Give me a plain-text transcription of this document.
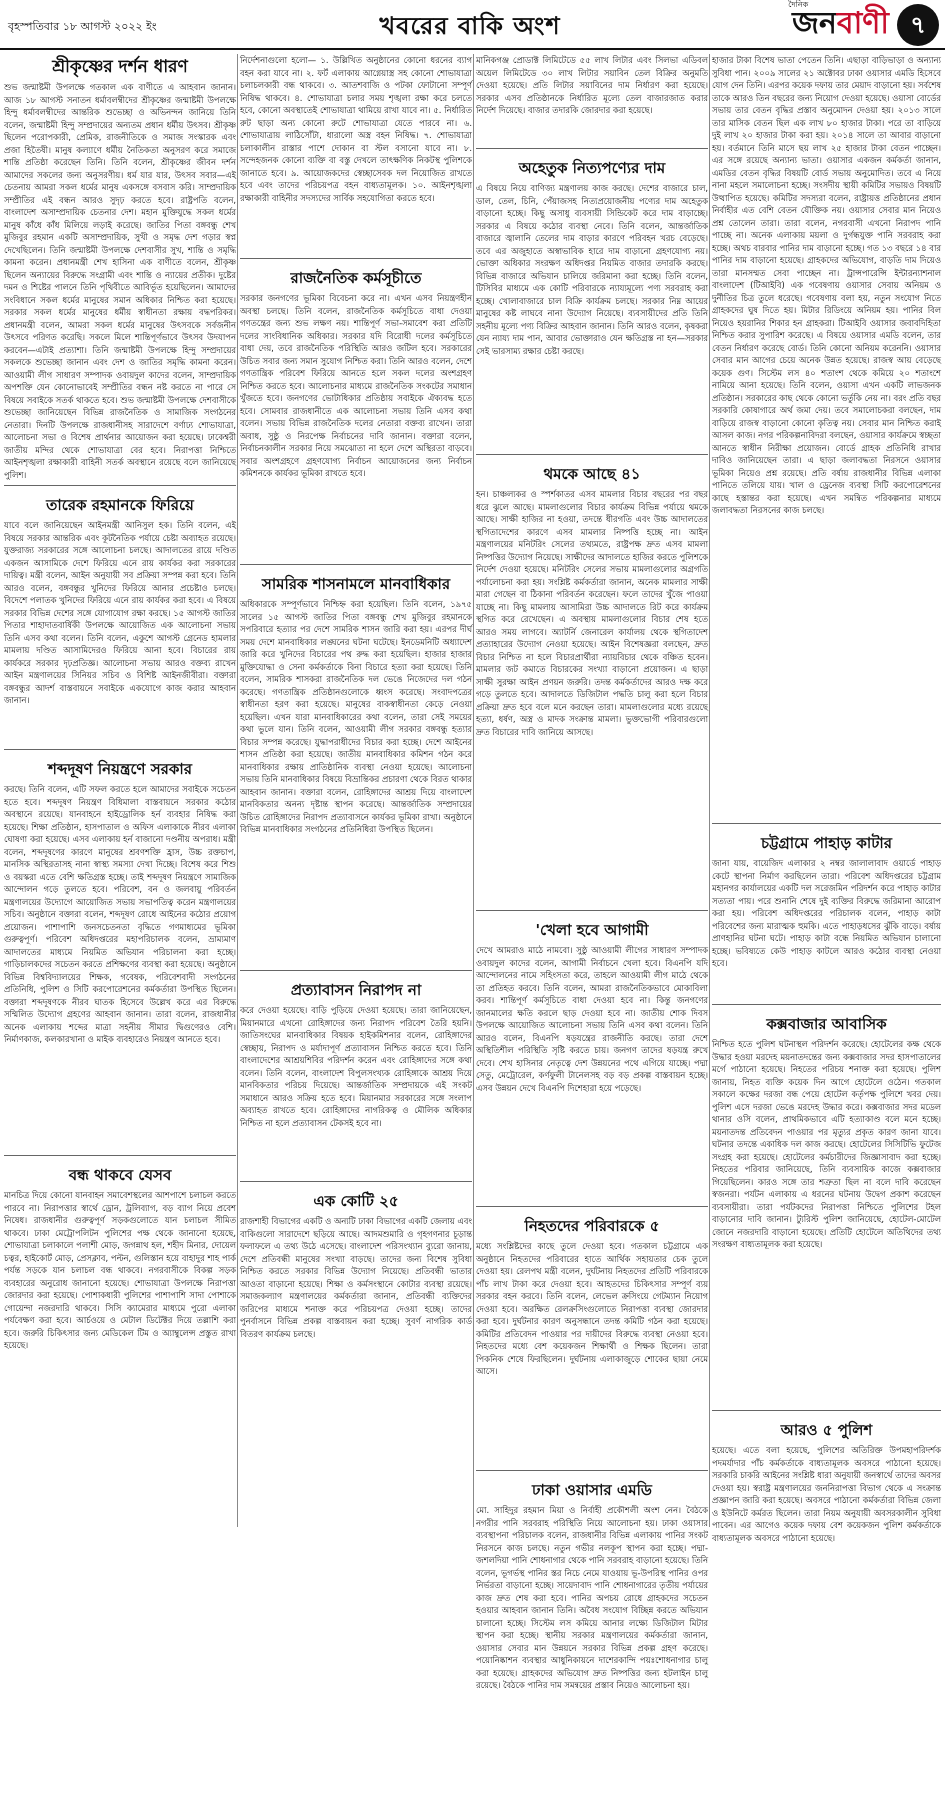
বৃহস্পতিবার ১৮ আগস্ট ২০২২ ইং	খবরের বাকি অংশ
দৈনিক
জনবাণী ৭
শ্রীকৃষ্ণের দর্শন ধারণ
শুভ জন্মাষ্টমী উপলক্ষে গতকাল এক বাণীতে এ আহবান জানান। আজ ১৮ আগস্ট সনাতন ধর্মাবলম্বীদের শ্রীকৃষ্ণের জন্মাষ্টমী উপলক্ষে হিন্দু ধর্মাবলম্বীদের আন্তরিক শুভেচ্ছা ও অভিনন্দন জানিয়ে তিনি বলেন, জন্মাষ্টমী হিন্দু সম্প্রদায়ের অন্যতম প্রধান ধর্মীয় উৎসব। শ্রীকৃষ্ণ ছিলেন পরোপকারী, প্রেমিক, রাজনীতিকে ও সমাজ সংস্কারক এবং প্রজা হিতৈষী। মানুষ কল্যাণে ধর্মীয় নৈতিকতা অনুসরণ করে সমাজে শান্তি প্রতিষ্ঠা করেছেন তিনি। তিনি বলেন, শ্রীকৃষ্ণের জীবন দর্শন আমাদের সকলের জন্য অনুসরণীয়। ধর্ম যার যার, উৎসব সবার—এই চেতনায় আমরা সকল ধর্মের মানুষ একসঙ্গে বসবাস করি। সাম্প্রদায়িক সম্প্রীতির এই বন্ধন আরও সুদৃঢ় করতে হবে। রাষ্ট্রপতি বলেন, বাংলাদেশ অসাম্প্রদায়িক চেতনার দেশ। মহান মুক্তিযুদ্ধে সকল ধর্মের মানুষ কাঁধে কাঁধ মিলিয়ে লড়াই করেছে। জাতির পিতা বঙ্গবন্ধু শেখ মুজিবুর রহমান একটি অসাম্প্রদায়িক, সুখী ও সমৃদ্ধ দেশ গড়ার স্বপ্ন দেখেছিলেন। তিনি জন্মাষ্টমী উপলক্ষে দেশবাসীর সুখ, শান্তি ও সমৃদ্ধি কামনা করেন। প্রধানমন্ত্রী শেখ হাসিনা এক বাণীতে বলেন, শ্রীকৃষ্ণ ছিলেন অন্যায়ের বিরুদ্ধে সংগ্রামী এবং শান্তি ও ন্যায়ের প্রতীক। দুষ্টের দমন ও শিষ্টের পালনে তিনি পৃথিবীতে আবির্ভূত হয়েছিলেন। আমাদের সংবিধানে সকল ধর্মের মানুষের সমান অধিকার নিশ্চিত করা হয়েছে। সরকার সকল ধর্মের মানুষের ধর্মীয় স্বাধীনতা রক্ষায় বদ্ধপরিকর। প্রধানমন্ত্রী বলেন, আমরা সকল ধর্মের মানুষের উৎসবকে সর্বজনীন উৎসবে পরিণত করেছি। সকলে মিলে শান্তিপূর্ণভাবে উৎসব উদযাপন করবেন—এটাই প্রত্যাশা। তিনি জন্মাষ্টমী উপলক্ষে হিন্দু সম্প্রদায়ের সকলকে শুভেচ্ছা জানান এবং দেশ ও জাতির সমৃদ্ধি কামনা করেন। আওয়ামী লীগ সাধারণ সম্পাদক ওবায়দুল কাদের বলেন, সাম্প্রদায়িক অপশক্তি যেন কোনোভাবেই সম্প্রীতির বন্ধন নষ্ট করতে না পারে সে বিষয়ে সবাইকে সতর্ক থাকতে হবে। শুভ জন্মাষ্টমী উপলক্ষে দেশবাসীকে শুভেচ্ছা জানিয়েছেন বিভিন্ন রাজনৈতিক ও সামাজিক সংগঠনের নেতারা। দিনটি উপলক্ষে রাজধানীসহ সারাদেশে বর্ণাঢ্য শোভাযাত্রা, আলোচনা সভা ও বিশেষ প্রার্থনার আয়োজন করা হয়েছে। ঢাকেশ্বরী জাতীয় মন্দির থেকে শোভাযাত্রা বের হবে। নিরাপত্তা নিশ্চিতে আইনশৃঙ্খলা রক্ষাকারী বাহিনী সতর্ক অবস্থানে রয়েছে বলে জানিয়েছে পুলিশ।
তারেক রহমানকে ফিরিয়ে
যাবে বলে জানিয়েছেন আইনমন্ত্রী আনিসুল হক। তিনি বলেন, এই বিষয়ে সরকার আন্তরিক এবং কূটনৈতিক পর্যায়ে চেষ্টা অব্যাহত রয়েছে। যুক্তরাজ্য সরকারের সঙ্গে আলোচনা চলছে। আদালতের রায়ে দণ্ডিত একজন আসামিকে দেশে ফিরিয়ে এনে রায় কার্যকর করা সরকারের দায়িত্ব। মন্ত্রী বলেন, আইন অনুযায়ী সব প্রক্রিয়া সম্পন্ন করা হবে। তিনি আরও বলেন, বঙ্গবন্ধুর খুনিদের ফিরিয়ে আনার প্রচেষ্টাও চলছে। বিদেশে পলাতক খুনিদের ফিরিয়ে এনে রায় কার্যকর করা হবে। এ বিষয়ে সরকার বিভিন্ন দেশের সঙ্গে যোগাযোগ রক্ষা করছে। ১৫ আগস্ট জাতির পিতার শাহাদাতবার্ষিকী উপলক্ষে আয়োজিত এক আলোচনা সভায় তিনি এসব কথা বলেন। তিনি বলেন, একুশে আগস্ট গ্রেনেড হামলার মামলায় দণ্ডিত আসামিদেরও ফিরিয়ে আনা হবে। বিচারের রায় কার্যকরে সরকার দৃঢ়প্রতিজ্ঞ। আলোচনা সভায় আরও বক্তব্য রাখেন আইন মন্ত্রণালয়ের সিনিয়র সচিব ও বিশিষ্ট আইনজীবীরা। বক্তারা বঙ্গবন্ধুর আদর্শ বাস্তবায়নে সবাইকে একযোগে কাজ করার আহবান জানান।
শব্দদূষণ নিয়ন্ত্রণে সরকার
করছে। তিনি বলেন, এটি সফল করতে হলে আমাদের সবাইকে সচেতন হতে হবে। শব্দদূষণ নিয়ন্ত্রণ বিধিমালা বাস্তবায়নে সরকার কঠোর অবস্থানে রয়েছে। যানবাহনে হাইড্রোলিক হর্ন ব্যবহার নিষিদ্ধ করা হয়েছে। শিক্ষা প্রতিষ্ঠান, হাসপাতাল ও অফিস এলাকাকে নীরব এলাকা ঘোষণা করা হয়েছে। এসব এলাকায় হর্ন বাজানো দণ্ডনীয় অপরাধ। মন্ত্রী বলেন, শব্দদূষণের কারণে মানুষের শ্রবণশক্তি হ্রাস, উচ্চ রক্তচাপ, মানসিক অস্থিরতাসহ নানা স্বাস্থ্য সমস্যা দেখা দিচ্ছে। বিশেষ করে শিশু ও বয়স্করা এতে বেশি ক্ষতিগ্রস্ত হচ্ছে। তাই শব্দদূষণ নিয়ন্ত্রণে সামাজিক আন্দোলন গড়ে তুলতে হবে। পরিবেশ, বন ও জলবায়ু পরিবর্তন মন্ত্রণালয়ের উদ্যোগে আয়োজিত সভায় সভাপতিত্ব করেন মন্ত্রণালয়ের সচিব। অনুষ্ঠানে বক্তারা বলেন, শব্দদূষণ রোধে আইনের কঠোর প্রয়োগ প্রয়োজন। পাশাপাশি জনসচেতনতা বৃদ্ধিতে গণমাধ্যমের ভূমিকা গুরুত্বপূর্ণ। পরিবেশ অধিদপ্তরের মহাপরিচালক বলেন, ভ্রাম্যমাণ আদালতের মাধ্যমে নিয়মিত অভিযান পরিচালনা করা হচ্ছে। গাড়িচালকদের সচেতন করতে প্রশিক্ষণের ব্যবস্থা করা হয়েছে। অনুষ্ঠানে বিভিন্ন বিশ্ববিদ্যালয়ের শিক্ষক, গবেষক, পরিবেশবাদী সংগঠনের প্রতিনিধি, পুলিশ ও সিটি করপোরেশনের কর্মকর্তারা উপস্থিত ছিলেন। বক্তারা শব্দদূষণকে নীরব ঘাতক হিসেবে উল্লেখ করে এর বিরুদ্ধে সম্মিলিত উদ্যোগ গ্রহণের আহবান জানান। তারা বলেন, রাজধানীর অনেক এলাকায় শব্দের মাত্রা সহনীয় সীমার দ্বিগুণেরও বেশি। নির্মাণকাজ, কলকারখানা ও মাইক ব্যবহারেও নিয়ন্ত্রণ আনতে হবে।
বন্ধ থাকবে যেসব
মানচিত্র দিয়ে কোনো যানবাহন সমাবেশস্থলের আশপাশে চলাচল করতে পারবে না। নিরাপত্তার স্বার্থে ড্রোন, ট্রলিব্যাগ, বড় ব্যাগ নিয়ে প্রবেশ নিষেধ। রাজধানীর গুরুত্বপূর্ণ সড়কগুলোতে যান চলাচল সীমিত থাকবে। ঢাকা মেট্রোপলিটন পুলিশের পক্ষ থেকে জানানো হয়েছে, শোভাযাত্রা চলাকালে পলাশী মোড়, জগন্নাথ হল, শহীদ মিনার, দোয়েল চত্বর, হাইকোর্ট মোড়, প্রেসক্লাব, পল্টন, গুলিস্তান হয়ে বাহাদুর শাহ পার্ক পর্যন্ত সড়কে যান চলাচল বন্ধ থাকবে। নগরবাসীকে বিকল্প সড়ক ব্যবহারের অনুরোধ জানানো হয়েছে। শোভাযাত্রা উপলক্ষে নিরাপত্তা জোরদার করা হয়েছে। পোশাকধারী পুলিশের পাশাপাশি সাদা পোশাকে গোয়েন্দা নজরদারি থাকবে। সিসি ক্যামেরার মাধ্যমে পুরো এলাকা পর্যবেক্ষণ করা হবে। আর্চওয়ে ও মেটাল ডিটেক্টর দিয়ে তল্লাশি করা হবে। জরুরি চিকিৎসার জন্য মেডিকেল টিম ও অ্যাম্বুলেন্স প্রস্তুত রাখা হয়েছে।
নির্দেশনাগুলো হলো— ১. উল্লিখিত অনুষ্ঠানের কোনো ধরনের ব্যাগ বহন করা যাবে না। ২. ফর্ট এলাকায় আগ্নেয়াস্ত্র সহ কোনো শোভাযাত্রা চলাচলকারী বন্ধ থাকবে। ৩. আতশবাজি ও পটকা ফোটানো সম্পূর্ণ নিষিদ্ধ থাকবে। ৪. শোভাযাত্রা চলার সময় শৃঙ্খলা রক্ষা করে চলতে হবে, কোনো অবস্থাতেই শোভাযাত্রা থামিয়ে রাখা যাবে না। ৫. নির্ধারিত রুট ছাড়া অন্য কোনো রুটে শোভাযাত্রা যেতে পারবে না। ৬. শোভাযাত্রায় লাঠিসোঁটা, ধারালো অস্ত্র বহন নিষিদ্ধ। ৭. শোভাযাত্রা চলাকালীন রাস্তার পাশে দোকান বা স্টল বসানো যাবে না। ৮. সন্দেহজনক কোনো ব্যক্তি বা বস্তু দেখলে তাৎক্ষণিক নিকটস্থ পুলিশকে জানাতে হবে। ৯. আয়োজকদের স্বেচ্ছাসেবক দল নিয়োজিত রাখতে হবে এবং তাদের পরিচয়পত্র বহন বাধ্যতামূলক। ১০. আইনশৃঙ্খলা রক্ষাকারী বাহিনীর সদস্যদের সার্বিক সহযোগিতা করতে হবে।
রাজনৈতিক কর্মসূচীতে
সরকার জনগণের ভূমিকা বিবেচনা করে না। এখন এসব নিয়ন্ত্রণহীন অবস্থা চলছে। তিনি বলেন, রাজনৈতিক কর্মসূচিতে বাধা দেওয়া গণতন্ত্রের জন্য শুভ লক্ষণ নয়। শান্তিপূর্ণ সভা-সমাবেশ করা প্রতিটি দলের সাংবিধানিক অধিকার। সরকার যদি বিরোধী দলের কর্মসূচিতে বাধা দেয়, তবে রাজনৈতিক পরিস্থিতি আরও জটিল হবে। সরকারের উচিত সবার জন্য সমান সুযোগ নিশ্চিত করা। তিনি আরও বলেন, দেশে গণতান্ত্রিক পরিবেশ ফিরিয়ে আনতে হলে সকল দলের অংশগ্রহণ নিশ্চিত করতে হবে। আলোচনার মাধ্যমে রাজনৈতিক সংকটের সমাধান খুঁজতে হবে। জনগণের ভোটাধিকার প্রতিষ্ঠায় সবাইকে ঐক্যবদ্ধ হতে হবে। সোমবার রাজধানীতে এক আলোচনা সভায় তিনি এসব কথা বলেন। সভায় বিভিন্ন রাজনৈতিক দলের নেতারা বক্তব্য রাখেন। তারা অবাধ, সুষ্ঠু ও নিরপেক্ষ নির্বাচনের দাবি জানান। বক্তারা বলেন, নির্বাচনকালীন সরকার নিয়ে সমঝোতা না হলে দেশে অস্থিরতা বাড়বে। সবার অংশগ্রহণে গ্রহণযোগ্য নির্বাচন আয়োজনের জন্য নির্বাচন কমিশনকে কার্যকর ভূমিকা রাখতে হবে।
সামরিক শাসনামলে মানবাধিকার
অধিকারকে সম্পূর্ণভাবে নিশ্চিহ্ন করা হয়েছিল। তিনি বলেন, ১৯৭৫ সালের ১৫ আগস্ট জাতির পিতা বঙ্গবন্ধু শেখ মুজিবুর রহমানকে সপরিবারে হত্যার পর দেশে সামরিক শাসন জারি করা হয়। এরপর দীর্ঘ সময় দেশে মানবাধিকার লঙ্ঘনের ঘটনা ঘটেছে। ইনডেমনিটি অধ্যাদেশ জারি করে খুনিদের বিচারের পথ রুদ্ধ করা হয়েছিল। হাজার হাজার মুক্তিযোদ্ধা ও সেনা কর্মকর্তাকে বিনা বিচারে হত্যা করা হয়েছে। তিনি বলেন, সামরিক শাসকরা রাজনৈতিক দল ভেঙে নিজেদের দল গঠন করেছে। গণতান্ত্রিক প্রতিষ্ঠানগুলোকে ধ্বংস করেছে। সংবাদপত্রের স্বাধীনতা হরণ করা হয়েছে। মানুষের বাকস্বাধীনতা কেড়ে নেওয়া হয়েছিল। এখন যারা মানবাধিকারের কথা বলেন, তারা সেই সময়ের কথা ভুলে যান। তিনি বলেন, আওয়ামী লীগ সরকার বঙ্গবন্ধু হত্যার বিচার সম্পন্ন করেছে। যুদ্ধাপরাধীদের বিচার করা হচ্ছে। দেশে আইনের শাসন প্রতিষ্ঠা করা হয়েছে। জাতীয় মানবাধিকার কমিশন গঠন করে মানবাধিকার রক্ষায় প্রাতিষ্ঠানিক ব্যবস্থা নেওয়া হয়েছে। আলোচনা সভায় তিনি মানবাধিকার বিষয়ে বিভ্রান্তিকর প্রচারণা থেকে বিরত থাকার আহবান জানান। বক্তারা বলেন, রোহিঙ্গাদের আশ্রয় দিয়ে বাংলাদেশ মানবিকতার অনন্য দৃষ্টান্ত স্থাপন করেছে। আন্তর্জাতিক সম্প্রদায়ের উচিত রোহিঙ্গাদের নিরাপদ প্রত্যাবাসনে কার্যকর ভূমিকা রাখা। অনুষ্ঠানে বিভিন্ন মানবাধিকার সংগঠনের প্রতিনিধিরা উপস্থিত ছিলেন।
প্রত্যাবাসন নিরাপদ না
করে দেওয়া হয়েছে। বাড়ি পুড়িয়ে দেওয়া হয়েছে। তারা জানিয়েছেন, মিয়ানমারে এখনো রোহিঙ্গাদের জন্য নিরাপদ পরিবেশ তৈরি হয়নি। জাতিসংঘের মানবাধিকার বিষয়ক হাইকমিশনার বলেন, রোহিঙ্গাদের স্বেচ্ছায়, নিরাপদ ও মর্যাদাপূর্ণ প্রত্যাবাসন নিশ্চিত করতে হবে। তিনি বাংলাদেশের আশ্রয়শিবির পরিদর্শন করেন এবং রোহিঙ্গাদের সঙ্গে কথা বলেন। তিনি বলেন, বাংলাদেশ বিপুলসংখ্যক রোহিঙ্গাকে আশ্রয় দিয়ে মানবিকতার পরিচয় দিয়েছে। আন্তর্জাতিক সম্প্রদায়কে এই সংকট সমাধানে আরও সক্রিয় হতে হবে। মিয়ানমার সরকারের সঙ্গে সংলাপ অব্যাহত রাখতে হবে। রোহিঙ্গাদের নাগরিকত্ব ও মৌলিক অধিকার নিশ্চিত না হলে প্রত্যাবাসন টেকসই হবে না।
এক কোটি ২৫
রাজশাহী বিভাগের একটি ও অন্যটি ঢাকা বিভাগের একটি জেলায় এবং বাকিগুলো সারাদেশে ছড়িয়ে আছে। আদমশুমারি ও গৃহগণনার চূড়ান্ত ফলাফলে এ তথ্য উঠে এসেছে। বাংলাদেশ পরিসংখ্যান ব্যুরো জানায়, দেশে প্রতিবন্ধী মানুষের সংখ্যা বাড়ছে। তাদের জন্য বিশেষ সুবিধা নিশ্চিত করতে সরকার বিভিন্ন উদ্যোগ নিয়েছে। প্রতিবন্ধী ভাতার আওতা বাড়ানো হয়েছে। শিক্ষা ও কর্মসংস্থানে কোটার ব্যবস্থা রয়েছে। সমাজকল্যাণ মন্ত্রণালয়ের কর্মকর্তারা জানান, প্রতিবন্ধী ব্যক্তিদের জরিপের মাধ্যমে শনাক্ত করে পরিচয়পত্র দেওয়া হচ্ছে। তাদের পুনর্বাসনে বিভিন্ন প্রকল্প বাস্তবায়ন করা হচ্ছে। সুবর্ণ নাগরিক কার্ড বিতরণ কার্যক্রম চলছে।
মানিকগঞ্জ প্রোডাক্ট লিমিটেডে ৫৫ লাখ লিটার এবং সিলভা এডিবল অয়েল লিমিটেডে ৩০ লাখ লিটার সয়াবিন তেল বিক্রির অনুমতি দেওয়া হয়েছে। প্রতি লিটার সয়াবিনের দাম নির্ধারণ করা হয়েছে। সরকার এসব প্রতিষ্ঠানকে নির্ধারিত মূল্যে তেল বাজারজাত করার নির্দেশ দিয়েছে। বাজার তদারকি জোরদার করা হয়েছে।
অহেতুক নিত্যপণ্যের দাম
এ বিষয়ে নিয়ে বাণিজ্য মন্ত্রণালয় কাজ করছে। দেশের বাজারে চাল, ডাল, তেল, চিনি, পেঁয়াজসহ নিত্যপ্রয়োজনীয় পণ্যের দাম অহেতুক বাড়ানো হচ্ছে। কিছু অসাধু ব্যবসায়ী সিন্ডিকেট করে দাম বাড়াচ্ছে। সরকার এ বিষয়ে কঠোর ব্যবস্থা নেবে। তিনি বলেন, আন্তর্জাতিক বাজারে জ্বালানি তেলের দাম বাড়ার কারণে পরিবহন খরচ বেড়েছে। তবে এর অজুহাতে অস্বাভাবিক হারে দাম বাড়ানো গ্রহণযোগ্য নয়। ভোক্তা অধিকার সংরক্ষণ অধিদপ্তর নিয়মিত বাজার তদারকি করছে। বিভিন্ন বাজারে অভিযান চালিয়ে জরিমানা করা হচ্ছে। তিনি বলেন, টিসিবির মাধ্যমে এক কোটি পরিবারকে ন্যায্যমূল্যে পণ্য সরবরাহ করা হচ্ছে। খোলাবাজারে চাল বিক্রি কার্যক্রম চলছে। সরকার নিম্ন আয়ের মানুষের কষ্ট লাঘবে নানা উদ্যোগ নিয়েছে। ব্যবসায়ীদের প্রতি তিনি সহনীয় মূল্যে পণ্য বিক্রির আহবান জানান। তিনি আরও বলেন, কৃষকরা যেন ন্যায্য দাম পান, আবার ভোক্তারাও যেন ক্ষতিগ্রস্ত না হন—সরকার সেই ভারসাম্য রক্ষার চেষ্টা করছে।
থমকে আছে ৪১
হন। চাঞ্চল্যকর ও স্পর্শকাতর এসব মামলার বিচার বছরের পর বছর ধরে ঝুলে আছে। মামলাগুলোর বিচার কার্যক্রম বিভিন্ন পর্যায়ে থমকে আছে। সাক্ষী হাজির না হওয়া, তদন্তে ধীরগতি এবং উচ্চ আদালতের স্থগিতাদেশের কারণে এসব মামলার নিষ্পত্তি হচ্ছে না। আইন মন্ত্রণালয়ের মনিটরিং সেলের তথ্যমতে, রাষ্ট্রপক্ষ দ্রুত এসব মামলা নিষ্পত্তির উদ্যোগ নিয়েছে। সাক্ষীদের আদালতে হাজির করতে পুলিশকে নির্দেশ দেওয়া হয়েছে। মনিটরিং সেলের সভায় মামলাগুলোর অগ্রগতি পর্যালোচনা করা হয়। সংশ্লিষ্ট কর্মকর্তারা জানান, অনেক মামলার সাক্ষী মারা গেছেন বা ঠিকানা পরিবর্তন করেছেন। ফলে তাদের খুঁজে পাওয়া যাচ্ছে না। কিছু মামলায় আসামিরা উচ্চ আদালতে রিট করে কার্যক্রম স্থগিত করে রেখেছেন। এ অবস্থায় মামলাগুলোর বিচার শেষ হতে আরও সময় লাগবে। অ্যাটর্নি জেনারেল কার্যালয় থেকে স্থগিতাদেশ প্রত্যাহারের উদ্যোগ নেওয়া হয়েছে। আইন বিশেষজ্ঞরা বলছেন, দ্রুত বিচার নিশ্চিত না হলে বিচারপ্রার্থীরা ন্যায়বিচার থেকে বঞ্চিত হবেন। মামলার জট কমাতে বিচারকের সংখ্যা বাড়ানো প্রয়োজন। এ ছাড়া সাক্ষী সুরক্ষা আইন প্রণয়ন জরুরি। তদন্ত কর্মকর্তাদের আরও দক্ষ করে গড়ে তুলতে হবে। আদালতে ডিজিটাল পদ্ধতি চালু করা হলে বিচার প্রক্রিয়া দ্রুত হবে বলে মনে করছেন তারা। মামলাগুলোর মধ্যে রয়েছে হত্যা, ধর্ষণ, অস্ত্র ও মাদক সংক্রান্ত মামলা। ভুক্তভোগী পরিবারগুলো দ্রুত বিচারের দাবি জানিয়ে আসছে।
'খেলা হবে আগামী
দেখে আমরাও মাঠে নামবো। সুষ্ঠু আওয়ামী লীগের সাধারণ সম্পাদক ওবায়দুল কাদের বলেন, আগামী নির্বাচনে খেলা হবে। বিএনপি যদি আন্দোলনের নামে সহিংসতা করে, তাহলে আওয়ামী লীগ মাঠে থেকে তা প্রতিহত করবে। তিনি বলেন, আমরা রাজনৈতিকভাবে মোকাবিলা করব। শান্তিপূর্ণ কর্মসূচিতে বাধা দেওয়া হবে না। কিন্তু জনগণের জানমালের ক্ষতি করলে ছাড় দেওয়া হবে না। জাতীয় শোক দিবস উপলক্ষে আয়োজিত আলোচনা সভায় তিনি এসব কথা বলেন। তিনি আরও বলেন, বিএনপি ষড়যন্ত্রের রাজনীতি করছে। তারা দেশে অস্থিতিশীল পরিস্থিতি সৃষ্টি করতে চায়। জনগণ তাদের ষড়যন্ত্র রুখে দেবে। শেখ হাসিনার নেতৃত্বে দেশ উন্নয়নের পথে এগিয়ে যাচ্ছে। পদ্মা সেতু, মেট্রোরেল, কর্ণফুলী টানেলসহ বড় বড় প্রকল্প বাস্তবায়ন হচ্ছে। এসব উন্নয়ন দেখে বিএনপি দিশেহারা হয়ে পড়েছে।
নিহতদের পরিবারকে ৫
মধ্যে সংশ্লিষ্টদের কাছে তুলে দেওয়া হবে। গতকাল চট্টগ্রামে এক অনুষ্ঠানে নিহতদের পরিবারের হাতে আর্থিক সহায়তার চেক তুলে দেওয়া হয়। রেলপথ মন্ত্রী বলেন, দুর্ঘটনায় নিহতদের প্রতিটি পরিবারকে পাঁচ লাখ টাকা করে দেওয়া হবে। আহতদের চিকিৎসার সম্পূর্ণ ব্যয় সরকার বহন করবে। তিনি বলেন, লেভেল ক্রসিংয়ে গেটম্যান নিয়োগ দেওয়া হবে। অরক্ষিত রেলক্রসিংগুলোতে নিরাপত্তা ব্যবস্থা জোরদার করা হবে। দুর্ঘটনার কারণ অনুসন্ধানে তদন্ত কমিটি গঠন করা হয়েছে। কমিটির প্রতিবেদন পাওয়ার পর দায়ীদের বিরুদ্ধে ব্যবস্থা নেওয়া হবে। নিহতদের মধ্যে বেশ কয়েকজন শিক্ষার্থী ও শিক্ষক ছিলেন। তারা পিকনিক শেষে ফিরছিলেন। দুর্ঘটনায় এলাকাজুড়ে শোকের ছায়া নেমে আসে।
ঢাকা ওয়াসার এমডি
মো. সাহিদুর রহমান মিয়া ও নির্বাহী প্রকৌশলী অংশ নেন। বৈঠকে নগরীর পানি সরবরাহ পরিস্থিতি নিয়ে আলোচনা হয়। ঢাকা ওয়াসার ব্যবস্থাপনা পরিচালক বলেন, রাজধানীর বিভিন্ন এলাকায় পানির সংকট নিরসনে কাজ চলছে। নতুন গভীর নলকূপ স্থাপন করা হচ্ছে। পদ্মা-জশলদিয়া পানি শোধনাগার থেকে পানি সরবরাহ বাড়ানো হয়েছে। তিনি বলেন, ভূগর্ভস্থ পানির স্তর নিচে নেমে যাওয়ায় ভূ-উপরিস্থ পানির ওপর নির্ভরতা বাড়ানো হচ্ছে। সায়েদাবাদ পানি শোধনাগারের তৃতীয় পর্যায়ের কাজ দ্রুত শেষ করা হবে। পানির অপচয় রোধে গ্রাহকদের সচেতন হওয়ার আহবান জানান তিনি। অবৈধ সংযোগ বিচ্ছিন্ন করতে অভিযান চালানো হচ্ছে। সিস্টেম লস কমিয়ে আনার লক্ষ্যে ডিজিটাল মিটার স্থাপন করা হচ্ছে। স্থানীয় সরকার মন্ত্রণালয়ের কর্মকর্তারা জানান, ওয়াসার সেবার মান উন্নয়নে সরকার বিভিন্ন প্রকল্প গ্রহণ করেছে। পয়োনিষ্কাশন ব্যবস্থার আধুনিকায়নে দাশেরকান্দি পয়ঃশোধনাগার চালু করা হয়েছে। গ্রাহকদের অভিযোগ দ্রুত নিষ্পত্তির জন্য হটলাইন চালু রয়েছে। বৈঠকে পানির দাম সমন্বয়ের প্রস্তাব নিয়েও আলোচনা হয়।
হাজার টাকা বিশেষ ভাতা পেতেন তিনি। এছাড়া বাড়িভাড়া ও অন্যান্য সুবিধা পান। ২০০৯ সালের ২১ অক্টোবর ঢাকা ওয়াসার এমডি হিসেবে যোগ দেন তিনি। এরপর কয়েক দফায় তার মেয়াদ বাড়ানো হয়। সর্বশেষ তাকে আরও তিন বছরের জন্য নিয়োগ দেওয়া হয়েছে। ওয়াসা বোর্ডের সভায় তার বেতন বৃদ্ধির প্রস্তাব অনুমোদন দেওয়া হয়। ২০১৩ সালে তার মাসিক বেতন ছিল এক লাখ ৮০ হাজার টাকা। পরে তা বাড়িয়ে দুই লাখ ২০ হাজার টাকা করা হয়। ২০১৪ সালে তা আবার বাড়ানো হয়। বর্তমানে তিনি মাসে ছয় লাখ ২৫ হাজার টাকা বেতন পাচ্ছেন। এর সঙ্গে রয়েছে অন্যান্য ভাতা। ওয়াসার একজন কর্মকর্তা জানান, এমডির বেতন বৃদ্ধির বিষয়টি বোর্ড সভায় অনুমোদিত। তবে এ নিয়ে নানা মহলে সমালোচনা হচ্ছে। সংসদীয় স্থায়ী কমিটির সভায়ও বিষয়টি উত্থাপিত হয়েছে। কমিটির সদস্যরা বলেন, রাষ্ট্রায়ত্ত প্রতিষ্ঠানের প্রধান নির্বাহীর এত বেশি বেতন যৌক্তিক নয়। ওয়াসার সেবার মান নিয়েও প্রশ্ন তোলেন তারা। তারা বলেন, নগরবাসী এখনো নিরাপদ পানি পাচ্ছে না। অনেক এলাকায় ময়লা ও দুর্গন্ধযুক্ত পানি সরবরাহ করা হচ্ছে। অথচ বারবার পানির দাম বাড়ানো হচ্ছে। গত ১৩ বছরে ১৪ বার পানির দাম বাড়ানো হয়েছে। গ্রাহকদের অভিযোগ, বাড়তি দাম দিয়েও তারা মানসম্মত সেবা পাচ্ছেন না। ট্রান্সপারেন্সি ইন্টারন্যাশনাল বাংলাদেশ (টিআইবি) এক গবেষণায় ওয়াসার সেবায় অনিয়ম ও দুর্নীতির চিত্র তুলে ধরেছে। গবেষণায় বলা হয়, নতুন সংযোগ নিতে গ্রাহকদের ঘুষ দিতে হয়। মিটার রিডিংয়ে অনিয়ম হয়। পানির বিল নিয়েও হয়রানির শিকার হন গ্রাহকরা। টিআইবি ওয়াসার জবাবদিহিতা নিশ্চিত করার সুপারিশ করেছে। এ বিষয়ে ওয়াসার এমডি বলেন, তার বেতন নির্ধারণ করেছে বোর্ড। তিনি কোনো অনিয়ম করেননি। ওয়াসার সেবার মান আগের চেয়ে অনেক উন্নত হয়েছে। রাজস্ব আয় বেড়েছে কয়েক গুণ। সিস্টেম লস ৪০ শতাংশ থেকে কমিয়ে ২০ শতাংশে নামিয়ে আনা হয়েছে। তিনি বলেন, ওয়াসা এখন একটি লাভজনক প্রতিষ্ঠান। সরকারের কাছ থেকে কোনো ভর্তুকি নেয় না। বরং প্রতি বছর সরকারি কোষাগারে অর্থ জমা দেয়। তবে সমালোচকরা বলছেন, দাম বাড়িয়ে রাজস্ব বাড়ানো কোনো কৃতিত্ব নয়। সেবার মান নিশ্চিত করাই আসল কাজ। নগর পরিকল্পনাবিদরা বলছেন, ওয়াসার কার্যক্রমে স্বচ্ছতা আনতে স্বাধীন নিরীক্ষা প্রয়োজন। বোর্ডে গ্রাহক প্রতিনিধি রাখার দাবিও জানিয়েছেন তারা। এ ছাড়া জলাবদ্ধতা নিরসনে ওয়াসার ভূমিকা নিয়েও প্রশ্ন রয়েছে। প্রতি বর্ষায় রাজধানীর বিভিন্ন এলাকা পানিতে তলিয়ে যায়। খাল ও ড্রেনেজ ব্যবস্থা সিটি করপোরেশনের কাছে হস্তান্তর করা হয়েছে। এখন সমন্বিত পরিকল্পনার মাধ্যমে জলাবদ্ধতা নিরসনের কাজ চলছে।
চট্টগ্রামে পাহাড় কাটার
জানা যায়, বায়েজিদ এলাকার ২ নম্বর জালালাবাদ ওয়ার্ডে পাহাড় কেটে স্থাপনা নির্মাণ করছিলেন তারা। পরিবেশ অধিদপ্তরের চট্টগ্রাম মহানগর কার্যালয়ের একটি দল সরেজমিন পরিদর্শন করে পাহাড় কাটার সত্যতা পায়। পরে শুনানি শেষে দুই ব্যক্তির বিরুদ্ধে জরিমানা আরোপ করা হয়। পরিবেশ অধিদপ্তরের পরিচালক বলেন, পাহাড় কাটা পরিবেশের জন্য মারাত্মক হুমকি। এতে পাহাড়ধসের ঝুঁকি বাড়ে। বর্ষায় প্রাণহানির ঘটনা ঘটে। পাহাড় কাটা বন্ধে নিয়মিত অভিযান চালানো হচ্ছে। ভবিষ্যতে কেউ পাহাড় কাটলে আরও কঠোর ব্যবস্থা নেওয়া হবে।
কক্সবাজার আবাসিক
নিশ্চিত হতে পুলিশ ঘটনাস্থল পরিদর্শন করেছে। হোটেলের কক্ষ থেকে উদ্ধার হওয়া মরদেহ ময়নাতদন্তের জন্য কক্সবাজার সদর হাসপাতালের মর্গে পাঠানো হয়েছে। নিহতের পরিচয় শনাক্ত করা হয়েছে। পুলিশ জানায়, নিহত ব্যক্তি কয়েক দিন আগে হোটেলে ওঠেন। গতকাল সকালে কক্ষের দরজা বন্ধ পেয়ে হোটেল কর্তৃপক্ষ পুলিশে খবর দেয়। পুলিশ এসে দরজা ভেঙে মরদেহ উদ্ধার করে। কক্সবাজার সদর মডেল থানার ওসি বলেন, প্রাথমিকভাবে এটি হত্যাকাণ্ড বলে মনে হচ্ছে। ময়নাতদন্ত প্রতিবেদন পাওয়ার পর মৃত্যুর প্রকৃত কারণ জানা যাবে। ঘটনার তদন্তে একাধিক দল কাজ করছে। হোটেলের সিসিটিভি ফুটেজ সংগ্রহ করা হয়েছে। হোটেলের কর্মচারীদের জিজ্ঞাসাবাদ করা হচ্ছে। নিহতের পরিবার জানিয়েছে, তিনি ব্যবসায়িক কাজে কক্সবাজার গিয়েছিলেন। কারও সঙ্গে তার শত্রুতা ছিল না বলে দাবি করেছেন স্বজনরা। পর্যটন এলাকায় এ ধরনের ঘটনায় উদ্বেগ প্রকাশ করেছেন ব্যবসায়ীরা। তারা পর্যটকদের নিরাপত্তা নিশ্চিতে পুলিশের টহল বাড়ানোর দাবি জানান। ট্যুরিস্ট পুলিশ জানিয়েছে, হোটেল-মোটেল জোনে নজরদারি বাড়ানো হয়েছে। প্রতিটি হোটেলে অতিথিদের তথ্য সংরক্ষণ বাধ্যতামূলক করা হয়েছে।
আরও ৫ পুলিশ
হয়েছে। এতে বলা হয়েছে, পুলিশের অতিরিক্ত উপমহাপরিদর্শক পদমর্যাদার পাঁচ কর্মকর্তাকে বাধ্যতামূলক অবসরে পাঠানো হয়েছে। সরকারি চাকরি আইনের সংশ্লিষ্ট ধারা অনুযায়ী জনস্বার্থে তাদের অবসর দেওয়া হয়। স্বরাষ্ট্র মন্ত্রণালয়ের জননিরাপত্তা বিভাগ থেকে এ সংক্রান্ত প্রজ্ঞাপন জারি করা হয়েছে। অবসরে পাঠানো কর্মকর্তারা বিভিন্ন জেলা ও ইউনিটে কর্মরত ছিলেন। তারা নিয়ম অনুযায়ী অবসরকালীন সুবিধা পাবেন। এর আগেও কয়েক দফায় বেশ কয়েকজন পুলিশ কর্মকর্তাকে বাধ্যতামূলক অবসরে পাঠানো হয়েছে।
